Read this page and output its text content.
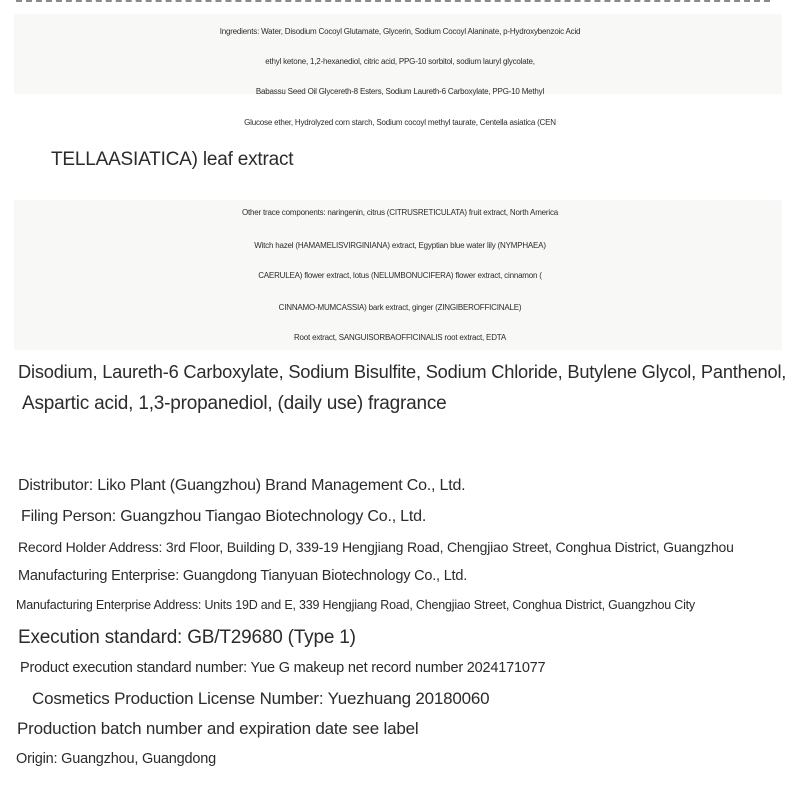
Ingredients: Water, Disodium Cocoyl Glutamate, Glycerin, Sodium Cocoyl Alaninate, p-Hydroxybenzoic Acid
ethyl ketone, 1,2-hexanediol, citric acid, PPG-10 sorbitol, sodium lauryl glycolate,
Babassu Seed Oil Glycereth-8 Esters, Sodium Laureth-6 Carboxylate, PPG-10 Methyl
Glucose ether, Hydrolyzed corn starch, Sodium cocoyl methyl taurate, Centella asiatica (CEN
TELLAASIATICA) leaf extract
Other trace components: naringenin, citrus (CITRUSRETICULATA) fruit extract, North America
Witch hazel (HAMAMELISVIRGINIANA) extract, Egyptian blue water lily (NYMPHAEA)
CAERULEA) flower extract, lotus (NELUMBONUCIFERA) flower extract, cinnamon (
CINNAMO-MUMCASSIA) bark extract, ginger (ZINGIBEROFFICINALE)
Root extract, SANGUISORBAOFFICINALIS root extract, EDTA
Disodium, Laureth-6 Carboxylate, Sodium Bisulfite, Sodium Chloride, Butylene Glycol, Panthenol,
Aspartic acid, 1,3-propanediol, (daily use) fragrance
Distributor: Liko Plant (Guangzhou) Brand Management Co., Ltd.
Filing Person: Guangzhou Tiangao Biotechnology Co., Ltd.
Record Holder Address: 3rd Floor, Building D, 339-19 Hengjiang Road, Chengjiao Street, Conghua District, Guangzhou
Manufacturing Enterprise: Guangdong Tianyuan Biotechnology Co., Ltd.
Manufacturing Enterprise Address: Units 19D and E, 339 Hengjiang Road, Chengjiao Street, Conghua District, Guangzhou City
Execution standard: GB/T29680 (Type 1)
Product execution standard number: Yue G makeup net record number 2024171077
Cosmetics Production License Number: Yuezhuang 20180060
Production batch number and expiration date see label
Origin: Guangzhou, Guangdong
